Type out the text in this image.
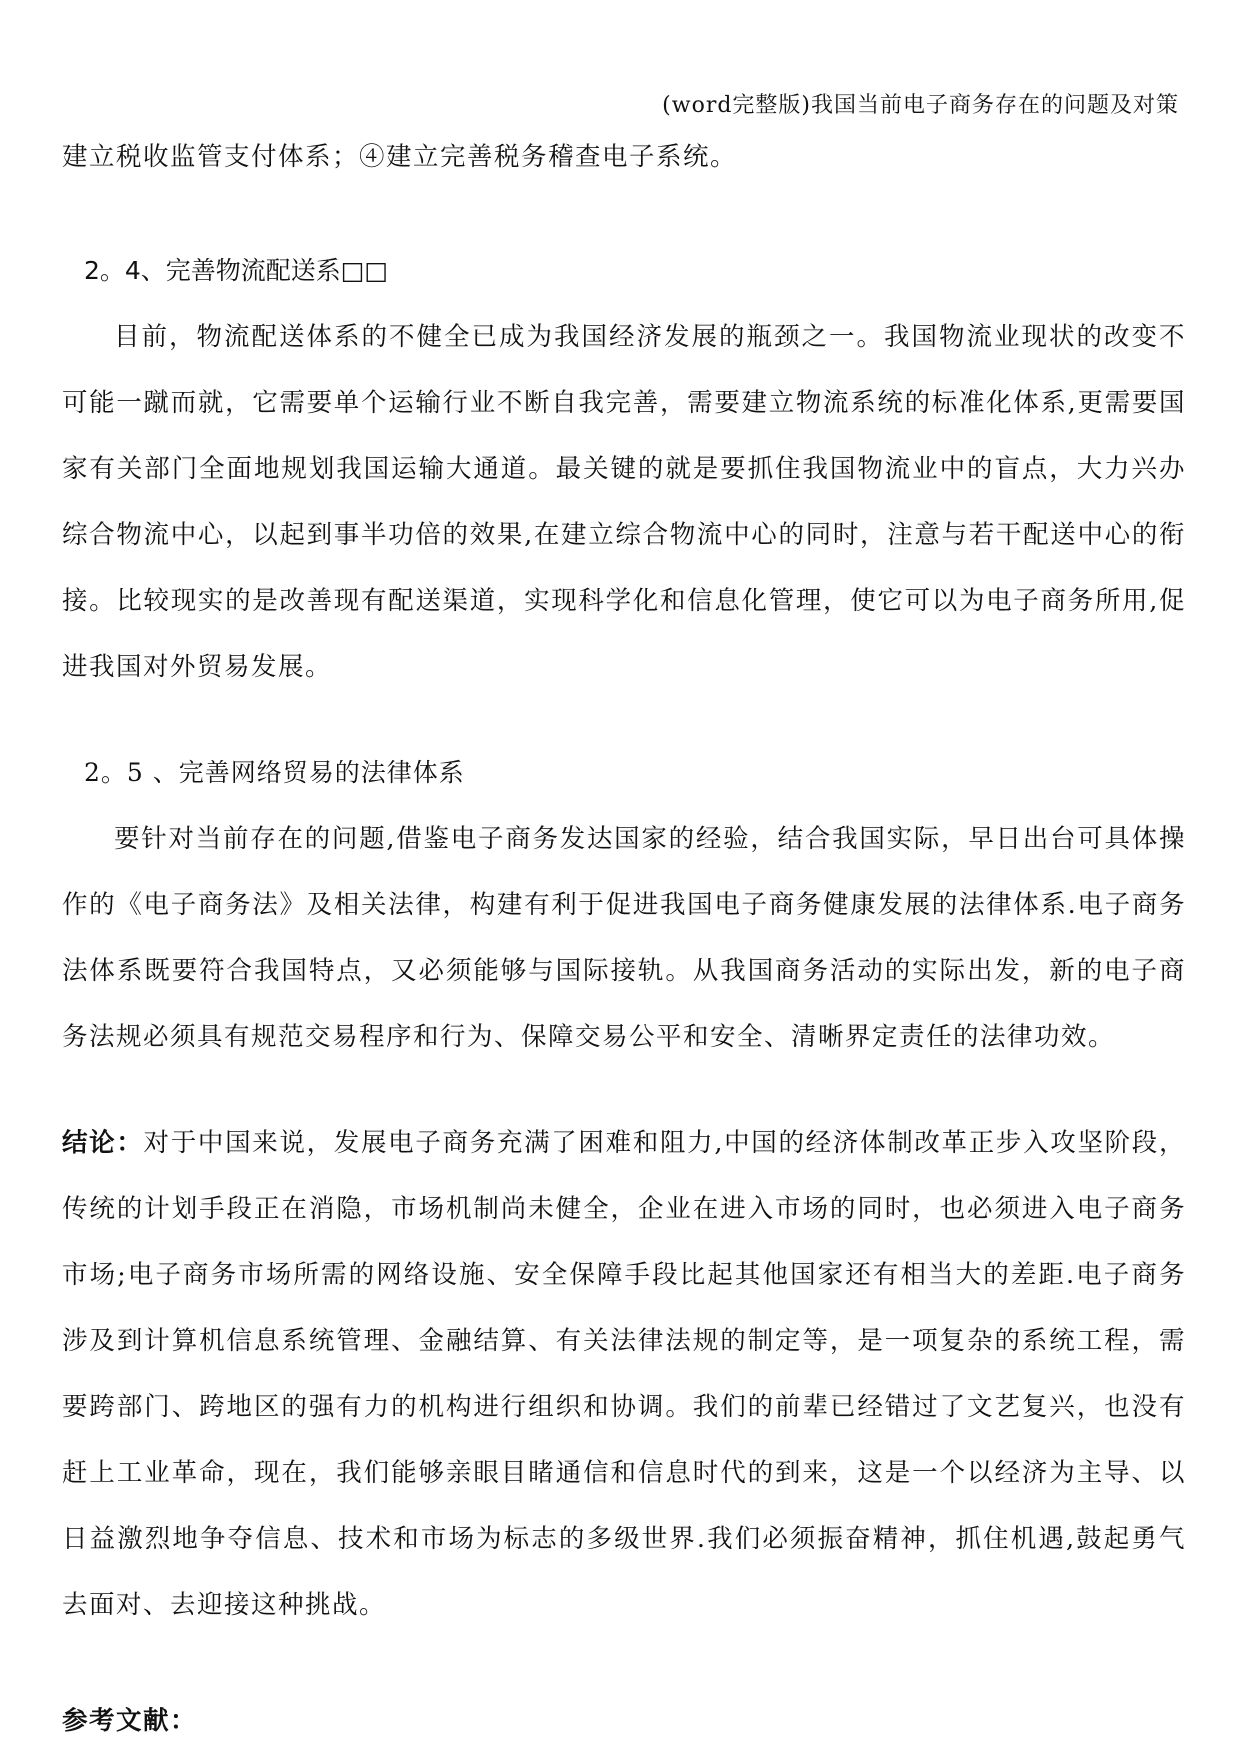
(word完整版)我国当前电子商务存在的问题及对策

建立税收监管支付体系；④建立完善税务稽查电子系统。

2。4、完善物流配送系□□

目前，物流配送体系的不健全已成为我国经济发展的瓶颈之一。我国物流业现状的改变不可能一蹴而就，它需要单个运输行业不断自我完善，需要建立物流系统的标准化体系,更需要国家有关部门全面地规划我国运输大通道。最关键的就是要抓住我国物流业中的盲点，大力兴办综合物流中心，以起到事半功倍的效果,在建立综合物流中心的同时，注意与若干配送中心的衔接。比较现实的是改善现有配送渠道，实现科学化和信息化管理，使它可以为电子商务所用,促进我国对外贸易发展。

2。5 、完善网络贸易的法律体系

要针对当前存在的问题,借鉴电子商务发达国家的经验，结合我国实际，早日出台可具体操作的《电子商务法》及相关法律，构建有利于促进我国电子商务健康发展的法律体系.电子商务法体系既要符合我国特点，又必须能够与国际接轨。从我国商务活动的实际出发，新的电子商务法规必须具有规范交易程序和行为、保障交易公平和安全、清晰界定责任的法律功效。

结论：对于中国来说，发展电子商务充满了困难和阻力,中国的经济体制改革正步入攻坚阶段，传统的计划手段正在消隐，市场机制尚未健全，企业在进入市场的同时，也必须进入电子商务市场;电子商务市场所需的网络设施、安全保障手段比起其他国家还有相当大的差距.电子商务涉及到计算机信息系统管理、金融结算、有关法律法规的制定等，是一项复杂的系统工程，需要跨部门、跨地区的强有力的机构进行组织和协调。我们的前辈已经错过了文艺复兴，也没有赶上工业革命，现在，我们能够亲眼目睹通信和信息时代的到来，这是一个以经济为主导、以日益激烈地争夺信息、技术和市场为标志的多级世界.我们必须振奋精神，抓住机遇,鼓起勇气去面对、去迎接这种挑战。

参考文献：
